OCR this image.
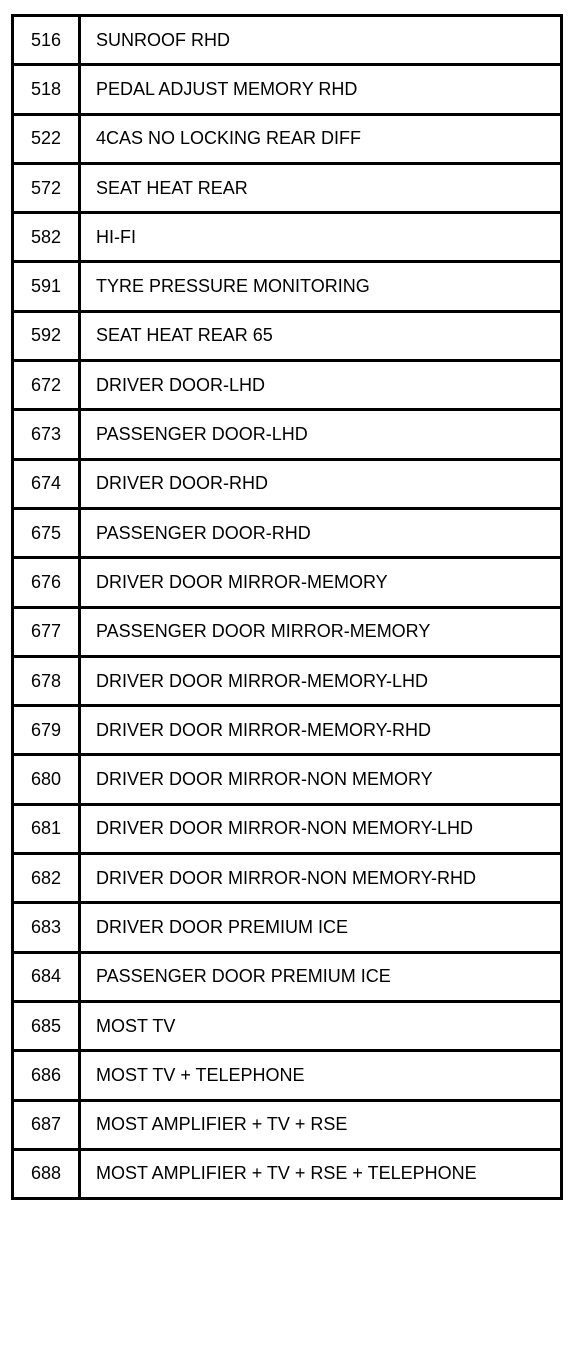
516	SUNROOF RHD
518	PEDAL ADJUST MEMORY RHD
522	4CAS NO LOCKING REAR DIFF
572	SEAT HEAT REAR
582	HI-FI
591	TYRE PRESSURE MONITORING
592	SEAT HEAT REAR 65
672	DRIVER DOOR-LHD
673	PASSENGER DOOR-LHD
674	DRIVER DOOR-RHD
675	PASSENGER DOOR-RHD
676	DRIVER DOOR MIRROR-MEMORY
677	PASSENGER DOOR MIRROR-MEMORY
678	DRIVER DOOR MIRROR-MEMORY-LHD
679	DRIVER DOOR MIRROR-MEMORY-RHD
680	DRIVER DOOR MIRROR-NON MEMORY
681	DRIVER DOOR MIRROR-NON MEMORY-LHD
682	DRIVER DOOR MIRROR-NON MEMORY-RHD
683	DRIVER DOOR PREMIUM ICE
684	PASSENGER DOOR PREMIUM ICE
685	MOST TV
686	MOST TV + TELEPHONE
687	MOST AMPLIFIER + TV + RSE
688	MOST AMPLIFIER + TV + RSE + TELEPHONE
